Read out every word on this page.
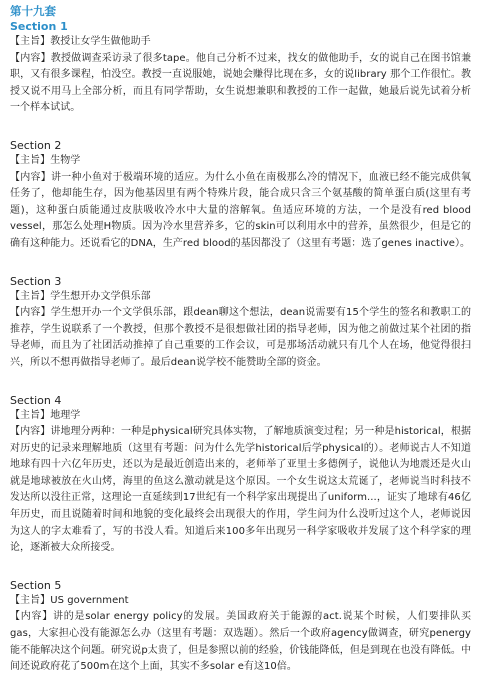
第十九套
Section 1
【主旨】教授让女学生做他助手
【内容】教授做调查采访录了很多tape。他自己分析不过来，找女的做他助手，女的说自己在图书馆兼职，又有很多课程，怕没空。教授一直说服她，说她会赚得比现在多，女的说library 那个工作很忙。教授又说不用马上全部分析，而且有同学帮助，女生说想兼职和教授的工作一起做，她最后说先试着分析一个样本试试。
Section 2
【主旨】生物学
【内容】讲一种小鱼对于极端环境的适应。为什么小鱼在南极那么冷的情况下，血液已经不能完成供氧任务了，他却能生存，因为他基因里有两个特殊片段，能合成只含三个氨基酸的简单蛋白质(这里有考题)，这种蛋白质能通过皮肤吸收冷水中大量的溶解氧。鱼适应环境的方法，一个是没有red blood vessel，那怎么处理H物质。因为冷水里营养多，它的skin可以利用水中的营养，虽然很少，但是它的确有这种能力。还说看它的DNA，生产red blood的基因都没了（这里有考题：选了genes inactive）。
Section 3
【主旨】学生想开办文学俱乐部
【内容】学生想开办一个文学俱乐部，跟dean聊这个想法，dean说需要有15个学生的签名和教职工的推荐，学生说联系了一个教授，但那个教授不是很想做社团的指导老师，因为他之前做过某个社团的指导老师，而且为了社团活动推掉了自己重要的工作会议，可是那场活动就只有几个人在场，他觉得很扫兴，所以不想再做指导老师了。最后dean说学校不能赞助全部的资金。
Section 4
【主旨】地理学
【内容】讲地理分两种：一种是physical研究具体实物，了解地质演变过程；另一种是historical，根据对历史的记录来理解地质（这里有考题：问为什么先学historical后学physical的）。老师说古人不知道地球有四十六亿年历史，还以为是最近创造出来的，老师举了亚里士多德例子，说他认为地震还是火山就是地球被放在火山烤，海里的鱼这么激动就是这个原因。一个女生说这太荒诞了，老师说当时科技不发达所以没往正常，这理论一直延续到17世纪有一个科学家出现提出了uniform...，证实了地球有46亿年历史，而且说随着时间和地貌的变化最终会出现很大的作用，学生问为什么没听过这个人，老师说因为这人的字太难看了，写的书没人看。知道后来100多年出现另一科学家吸收并发展了这个科学家的理论，逐渐被大众所接受。
Section 5
【主旨】US government
【内容】讲的是solar energy policy的发展。美国政府关于能源的act.说某个时候，人们要排队买gas，大家担心没有能源怎么办（这里有考题：双选题）。然后一个政府agency做调查，研究penergy能不能解决这个问题。研究说p太贵了，但是参照以前的经验，价钱能降低，但是到现在也没有降低。中间还说政府花了500m在这个上面，其实不多solar e有这10倍。
